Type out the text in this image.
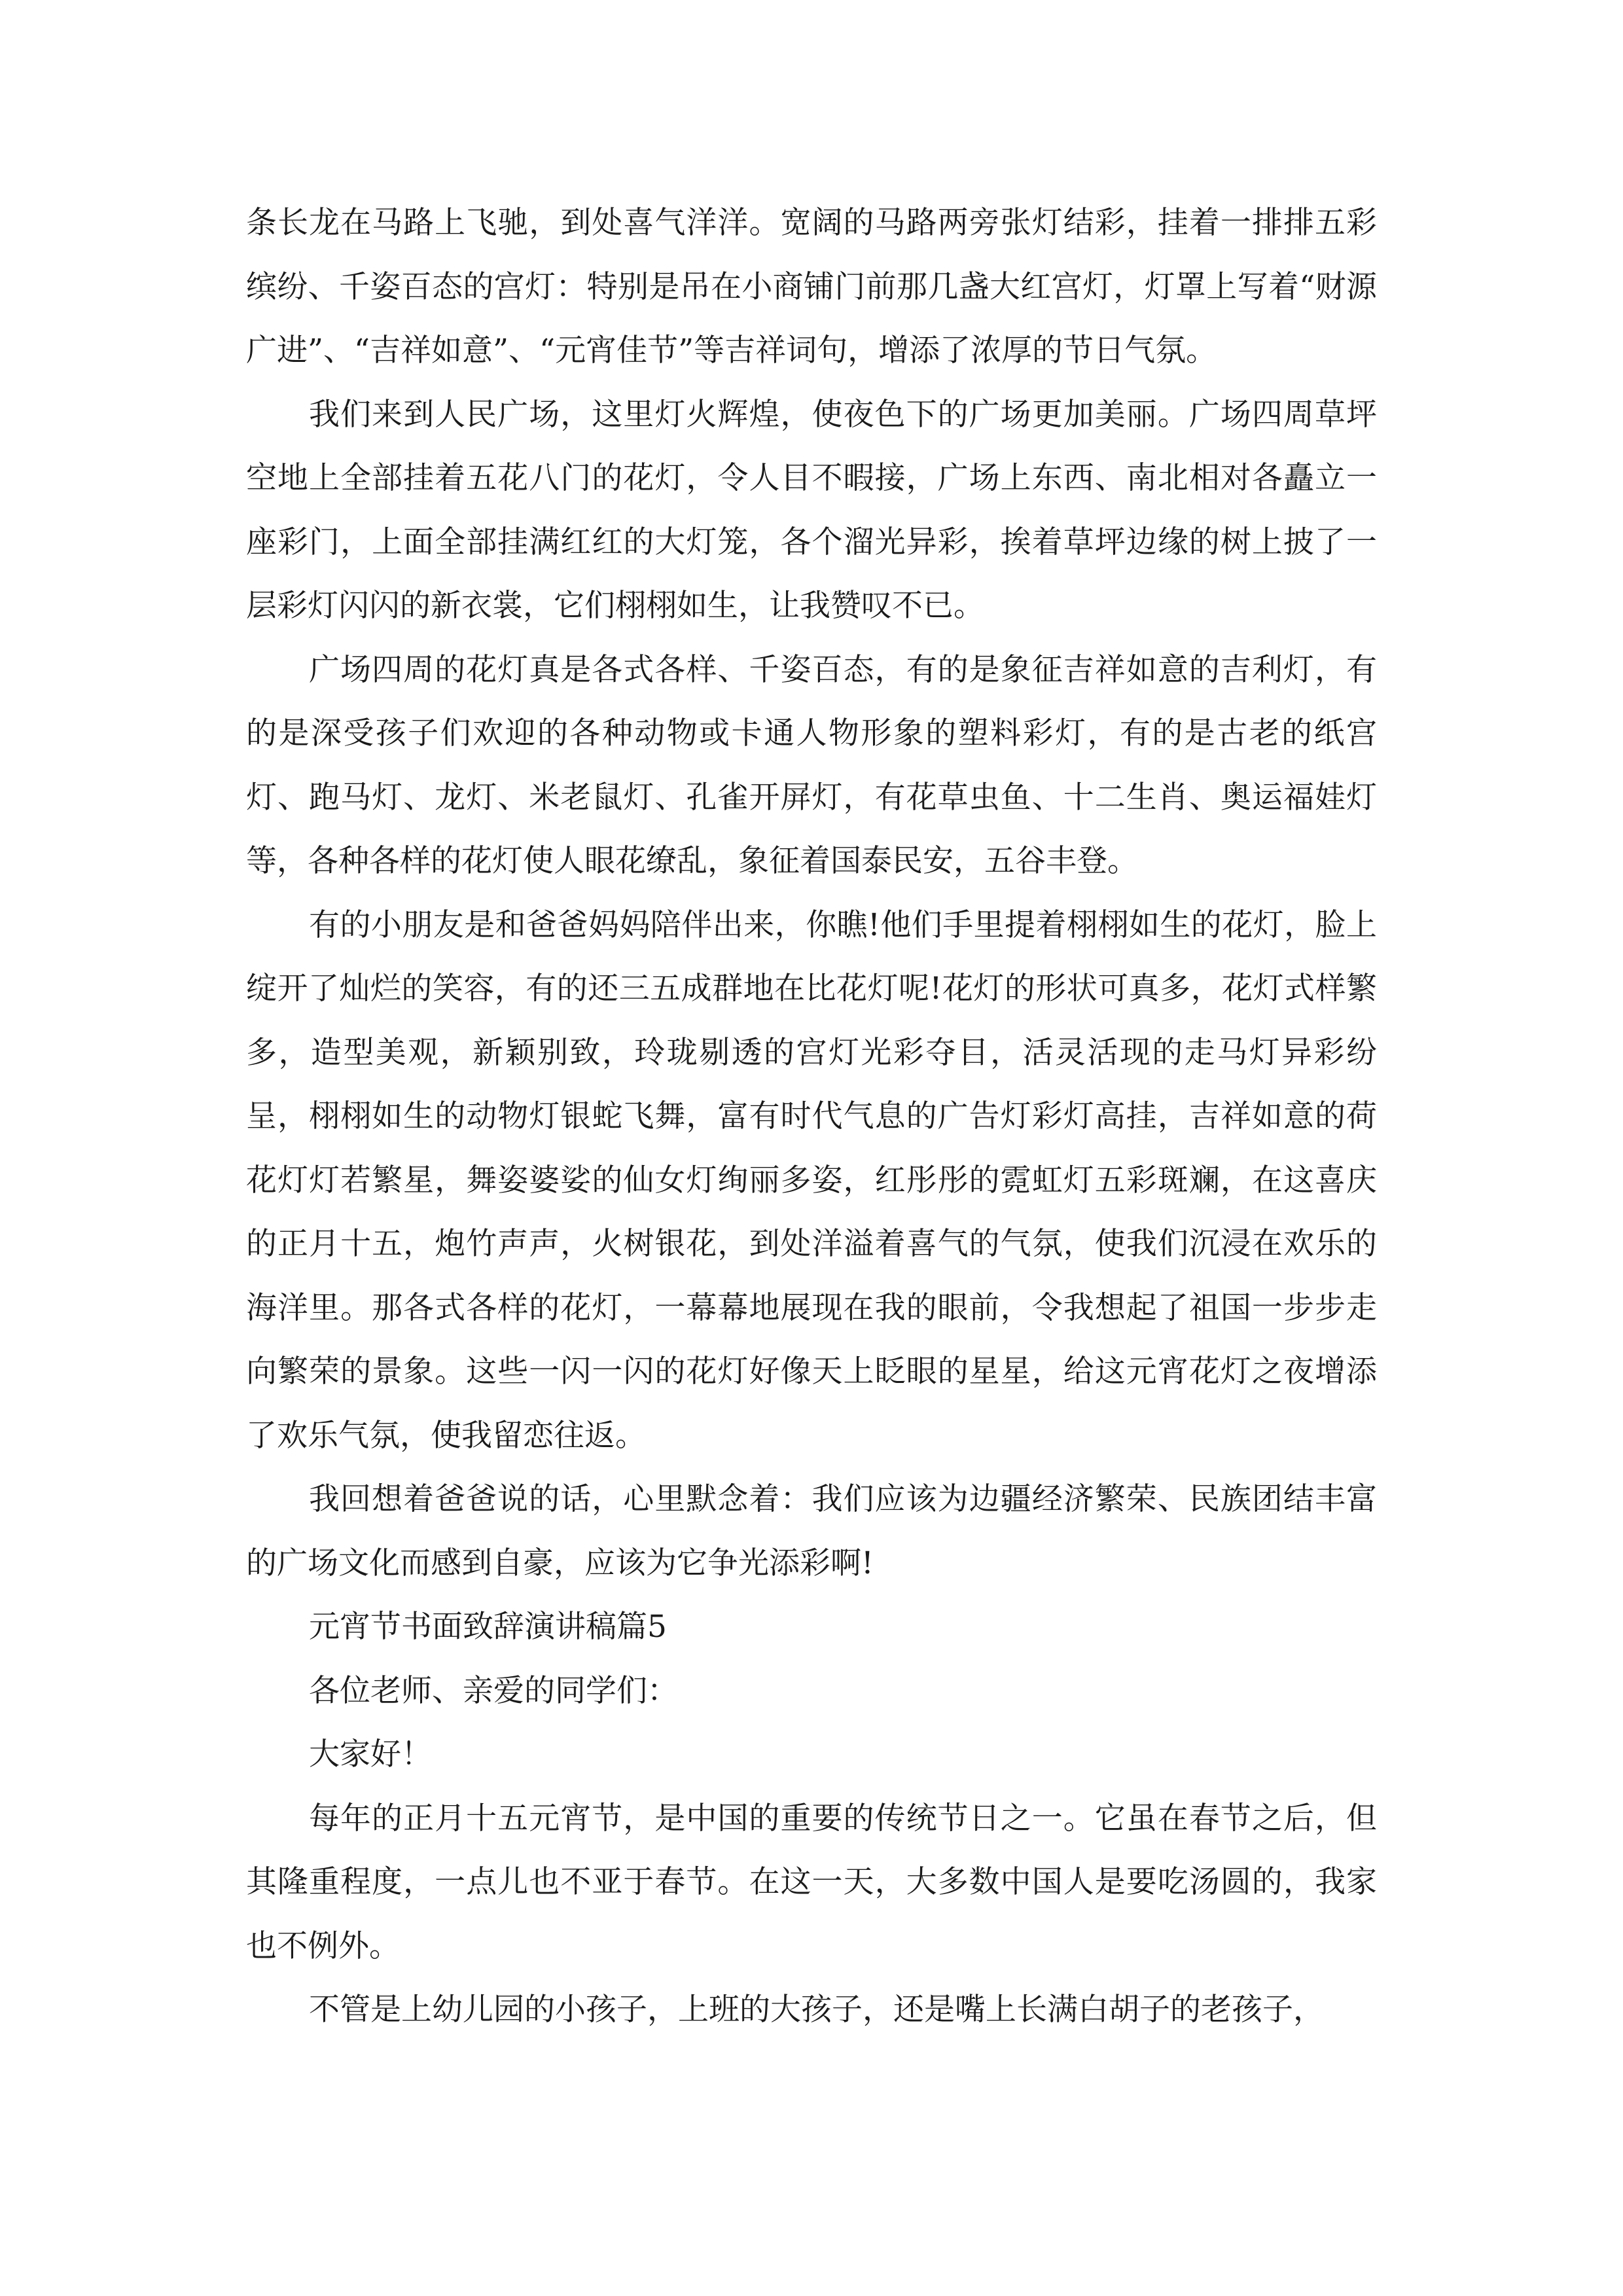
条长龙在马路上飞驰，到处喜气洋洋。宽阔的马路两旁张灯结彩，挂着一排排五彩缤纷、千姿百态的宫灯：特别是吊在小商铺门前那几盏大红宫灯，灯罩上写着“财源广进”、“吉祥如意”、“元宵佳节”等吉祥词句，增添了浓厚的节日气氛。

我们来到人民广场，这里灯火辉煌，使夜色下的广场更加美丽。广场四周草坪空地上全部挂着五花八门的花灯，令人目不暇接，广场上东西、南北相对各矗立一座彩门，上面全部挂满红红的大灯笼，各个溜光异彩，挨着草坪边缘的树上披了一层彩灯闪闪的新衣裳，它们栩栩如生，让我赞叹不已。

广场四周的花灯真是各式各样、千姿百态，有的是象征吉祥如意的吉利灯，有的是深受孩子们欢迎的各种动物或卡通人物形象的塑料彩灯，有的是古老的纸宫灯、跑马灯、龙灯、米老鼠灯、孔雀开屏灯，有花草虫鱼、十二生肖、奥运福娃灯等，各种各样的花灯使人眼花缭乱，象征着国泰民安，五谷丰登。

有的小朋友是和爸爸妈妈陪伴出来，你瞧!他们手里提着栩栩如生的花灯，脸上绽开了灿烂的笑容，有的还三五成群地在比花灯呢!花灯的形状可真多，花灯式样繁多，造型美观，新颖别致，玲珑剔透的宫灯光彩夺目，活灵活现的走马灯异彩纷呈，栩栩如生的动物灯银蛇飞舞，富有时代气息的广告灯彩灯高挂，吉祥如意的荷花灯灯若繁星，舞姿婆娑的仙女灯绚丽多姿，红彤彤的霓虹灯五彩斑斓，在这喜庆的正月十五，炮竹声声，火树银花，到处洋溢着喜气的气氛，使我们沉浸在欢乐的海洋里。那各式各样的花灯，一幕幕地展现在我的眼前，令我想起了祖国一步步走向繁荣的景象。这些一闪一闪的花灯好像天上眨眼的星星，给这元宵花灯之夜增添了欢乐气氛，使我留恋往返。

我回想着爸爸说的话，心里默念着：我们应该为边疆经济繁荣、民族团结丰富的广场文化而感到自豪，应该为它争光添彩啊!

元宵节书面致辞演讲稿篇5

各位老师、亲爱的同学们：

大家好！

每年的正月十五元宵节，是中国的重要的传统节日之一。它虽在春节之后，但其隆重程度，一点儿也不亚于春节。在这一天，大多数中国人是要吃汤圆的，我家也不例外。

不管是上幼儿园的小孩子，上班的大孩子，还是嘴上长满白胡子的老孩子，
